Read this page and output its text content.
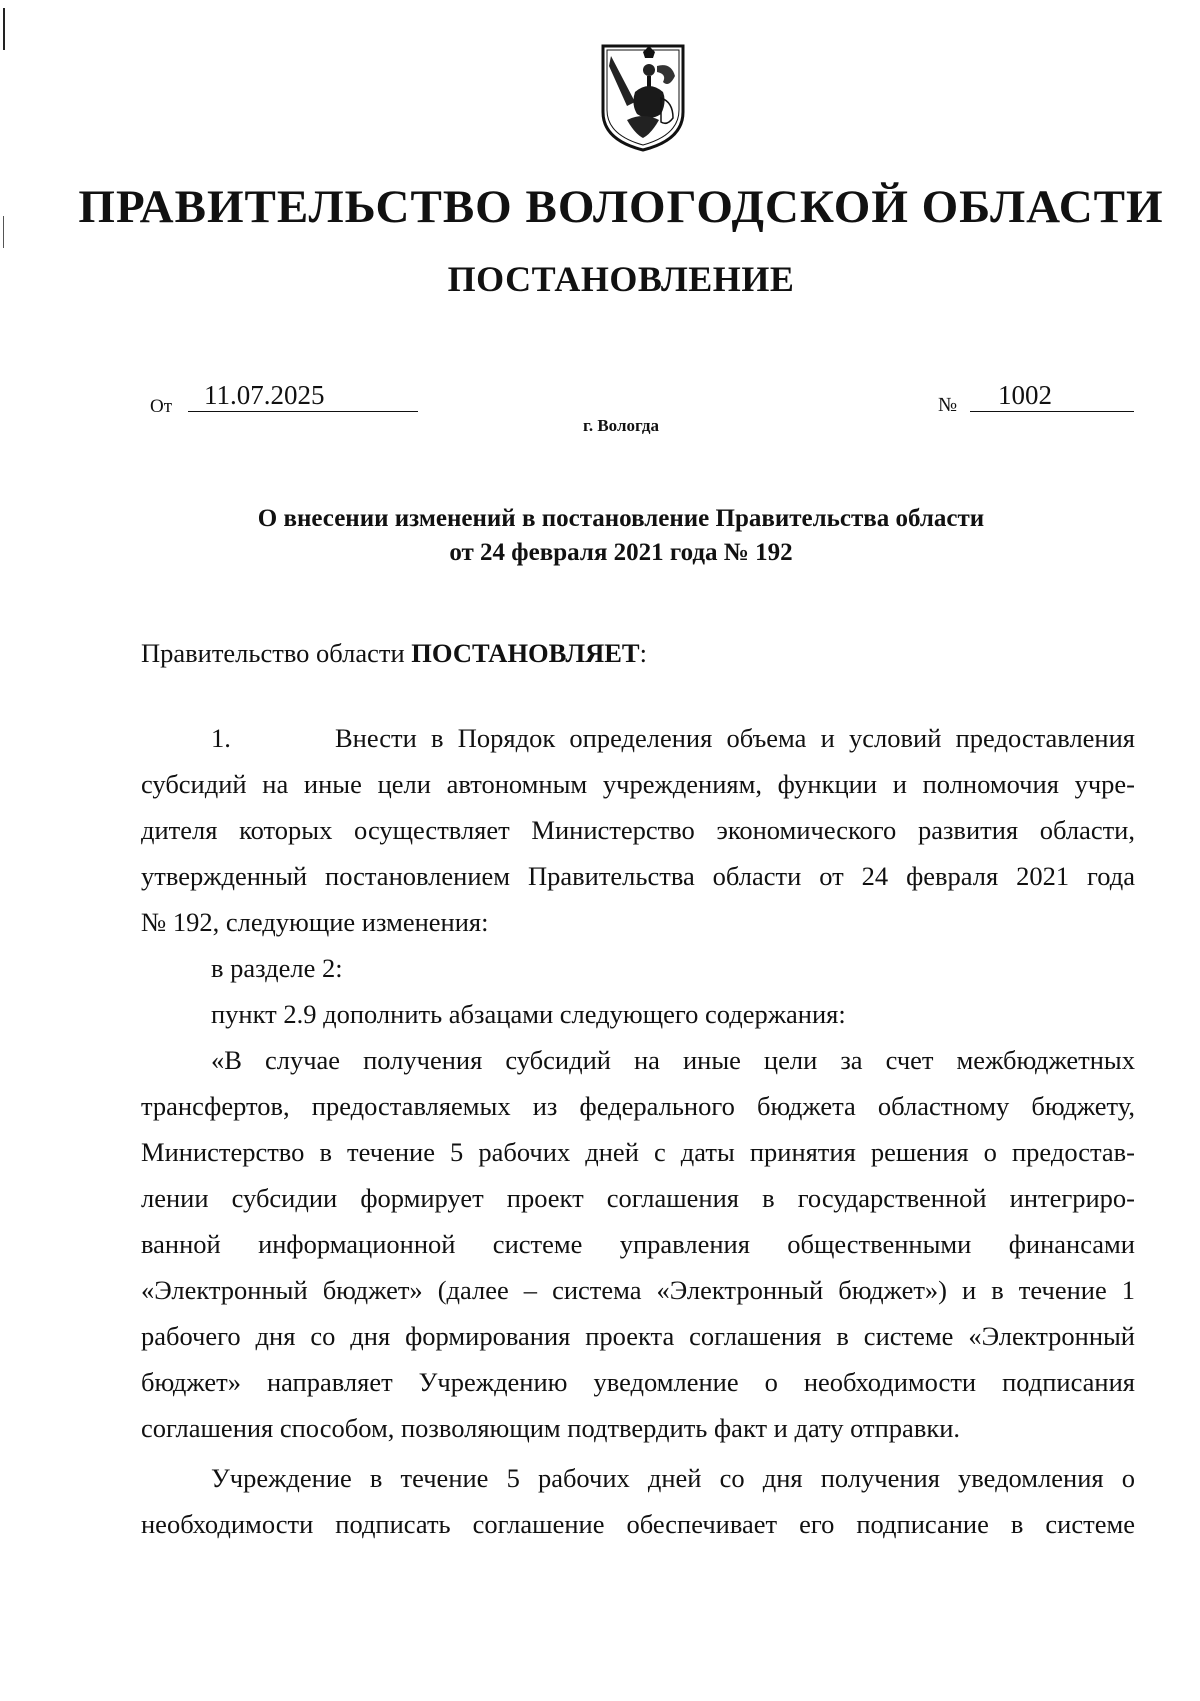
ПРАВИТЕЛЬСТВО ВОЛОГОДСКОЙ ОБЛАСТИ
ПОСТАНОВЛЕНИЕ
От	11.07.2025	№	1002
г. Вологда
О внесении изменений в постановление Правительства области
от 24 февраля 2021 года № 192
Правительство области ПОСТАНОВЛЯЕТ:
1.	Внести в Порядок определения объема и условий предоставления
субсидий на иные цели автономным учреждениям, функции и полномочия учре-
дителя которых осуществляет Министерство экономического развития области,
утвержденный постановлением Правительства области от 24 февраля 2021 года
№ 192, следующие изменения:
в разделе 2:
пункт 2.9 дополнить абзацами следующего содержания:
«В случае получения субсидий на иные цели за счет межбюджетных
трансфертов, предоставляемых из федерального бюджета областному бюджету,
Министерство в течение 5 рабочих дней с даты принятия решения о предостав-
лении субсидии формирует проект соглашения в государственной интегриро-
ванной информационной системе управления общественными финансами
«Электронный бюджет» (далее – система «Электронный бюджет») и в течение 1
рабочего дня со дня формирования проекта соглашения в системе «Электронный
бюджет» направляет Учреждению уведомление о необходимости подписания
соглашения способом, позволяющим подтвердить факт и дату отправки.
Учреждение в течение 5 рабочих дней со дня получения уведомления о
необходимости подписать соглашение обеспечивает его подписание в системе
